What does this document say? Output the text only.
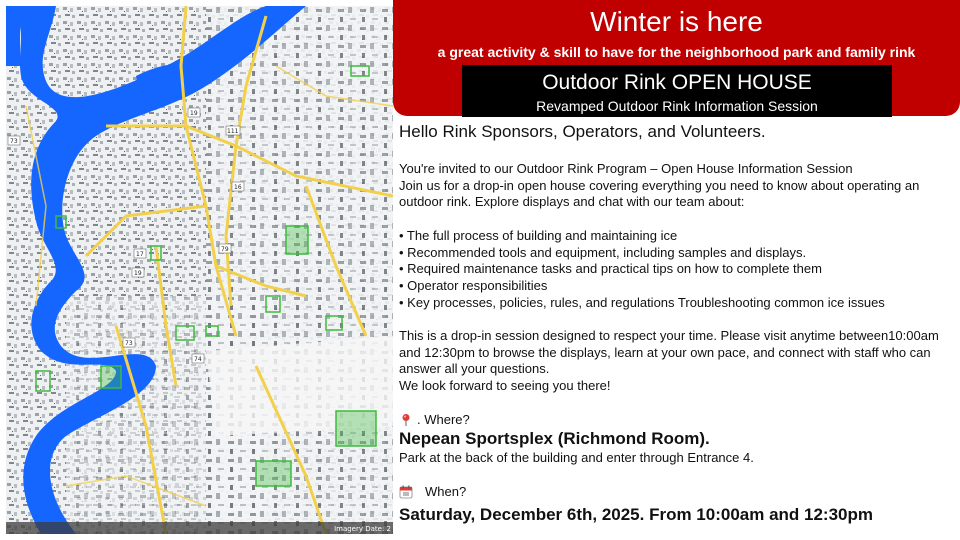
73
19
111
16
17
79
19
73
74
Imagery Date: 2
Winter is here
a great activity & skill to have for the neighborhood park and family rink
Outdoor Rink OPEN HOUSE
Revamped Outdoor Rink Information Session
Hello Rink Sponsors, Operators, and Volunteers.

You're invited to our Outdoor Rink Program – Open House Information Session

Join us for a drop-in open house covering everything you need to know about operating an outdoor rink. Explore displays and chat with our team about:

• The full process of building and maintaining ice
• Recommended tools and equipment, including samples and displays.
• Required maintenance tasks and practical tips on how to complete them
• Operator responsibilities
• Key processes, policies, rules, and regulations Troubleshooting common ice issues

This is a drop-in session designed to respect your time. Please visit anytime between10:00am and 12:30pm to browse the displays, learn at your own pace, and connect with staff who can answer all your questions.

We look forward to seeing you there!

. Where?
Nepean Sportsplex (Richmond Room).

Park at the back of the building and enter through Entrance 4.

When?
Saturday, December 6th, 2025. From 10:00am and 12:30pm
